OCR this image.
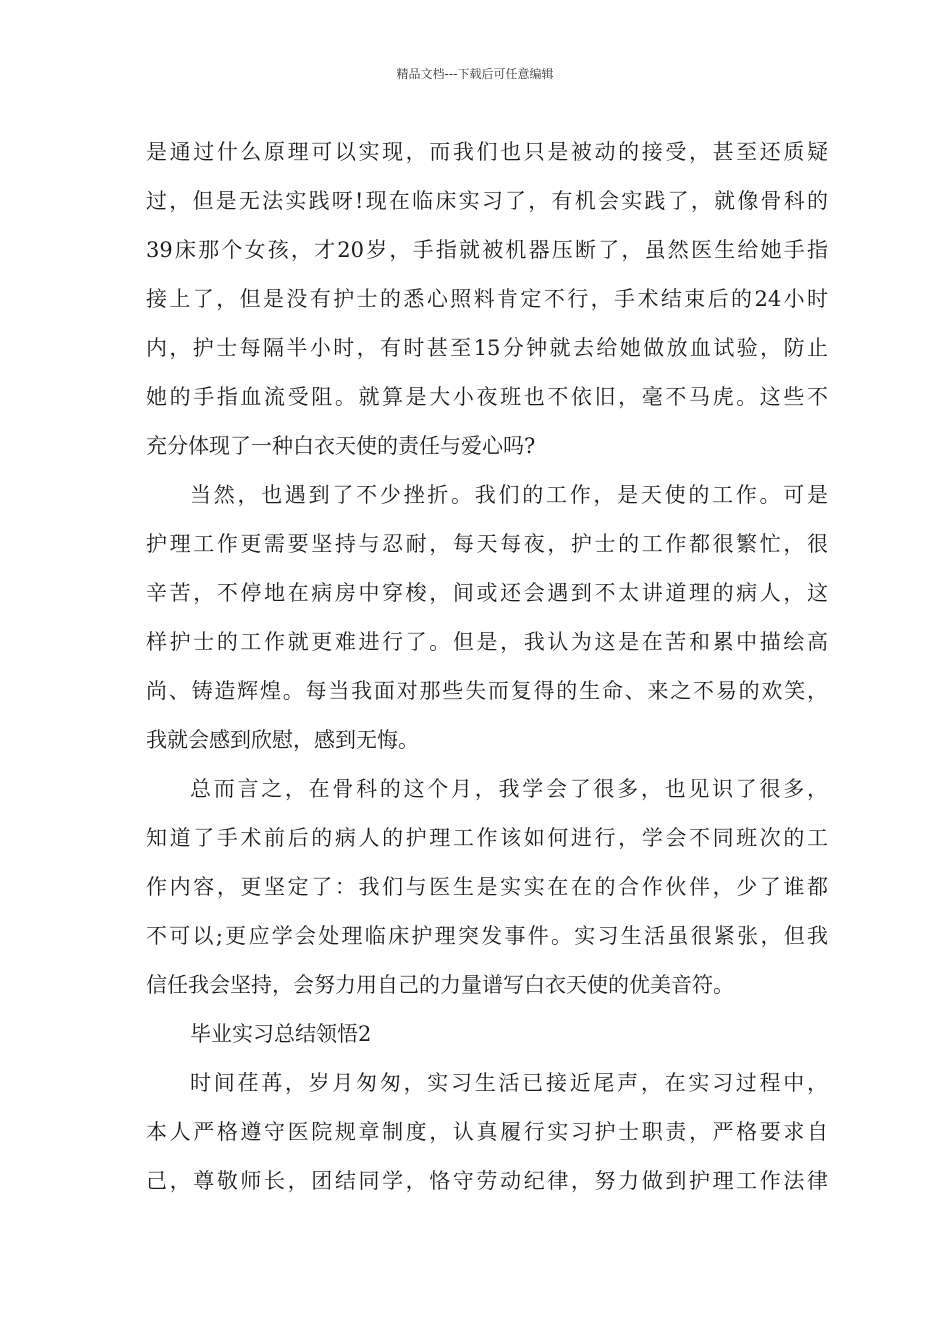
精品文档---下载后可任意编辑
是通过什么原理可以实现，而我们也只是被动的接受，甚至还质疑
过，但是无法实践呀!现在临床实习了，有机会实践了，就像骨科的
39床那个女孩，才20岁，手指就被机器压断了，虽然医生给她手指
接上了，但是没有护士的悉心照料肯定不行，手术结束后的24小时
内，护士每隔半小时，有时甚至15分钟就去给她做放血试验，防止
她的手指血流受阻。就算是大小夜班也不依旧，毫不马虎。这些不
充分体现了一种白衣天使的责任与爱心吗?
当然，也遇到了不少挫折。我们的工作，是天使的工作。可是
护理工作更需要坚持与忍耐，每天每夜，护士的工作都很繁忙，很
辛苦，不停地在病房中穿梭，间或还会遇到不太讲道理的病人，这
样护士的工作就更难进行了。但是，我认为这是在苦和累中描绘高
尚、铸造辉煌。每当我面对那些失而复得的生命、来之不易的欢笑，
我就会感到欣慰，感到无悔。
总而言之，在骨科的这个月，我学会了很多，也见识了很多，
知道了手术前后的病人的护理工作该如何进行，学会不同班次的工
作内容，更坚定了：我们与医生是实实在在的合作伙伴，少了谁都
不可以;更应学会处理临床护理突发事件。实习生活虽很紧张，但我
信任我会坚持，会努力用自己的力量谱写白衣天使的优美音符。
毕业实习总结领悟2
时间荏苒，岁月匆匆，实习生活已接近尾声，在实习过程中，
本人严格遵守医院规章制度，认真履行实习护士职责，严格要求自
己，尊敬师长，团结同学，恪守劳动纪律，努力做到护理工作法律
